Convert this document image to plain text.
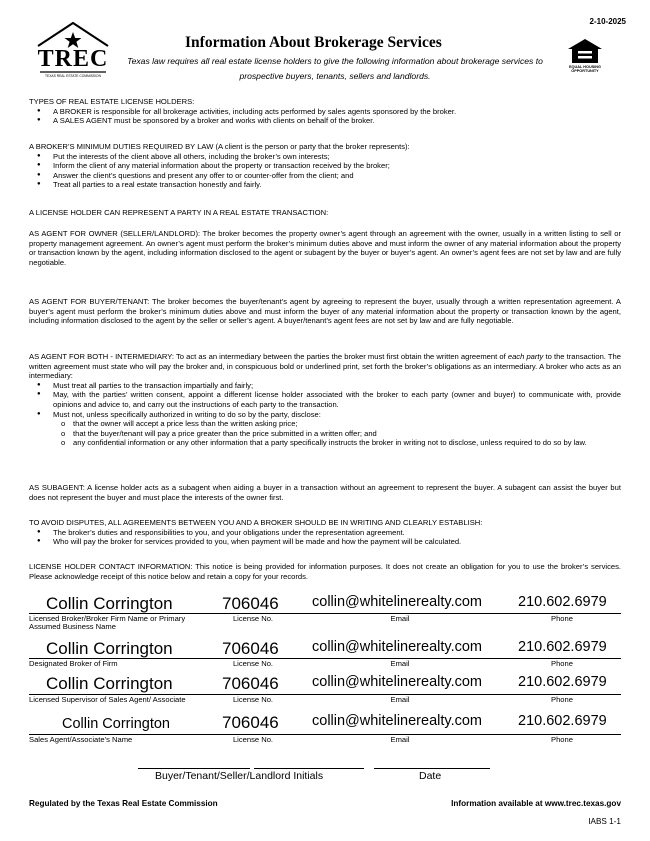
TREC
TEXAS REAL ESTATE COMMISSION
2-10-2025
Information About Brokerage Services
Texas law requires all real estate license holders to give the following information about brokerage services to prospective buyers, tenants, sellers and landlords.
EQUAL HOUSING OPPORTUNITY
TYPES OF REAL ESTATE LICENSE HOLDERS:
● A BROKER is responsible for all brokerage activities, including acts performed by sales agents sponsored by the broker.
● A SALES AGENT must be sponsored by a broker and works with clients on behalf of the broker.
A BROKER’S MINIMUM DUTIES REQUIRED BY LAW (A client is the person or party that the broker represents):
● Put the interests of the client above all others, including the broker’s own interests;
● Inform the client of any material information about the property or transaction received by the broker;
● Answer the client’s questions and present any offer to or counter-offer from the client; and
● Treat all parties to a real estate transaction honestly and fairly.
A LICENSE HOLDER CAN REPRESENT A PARTY IN A REAL ESTATE TRANSACTION:
AS AGENT FOR OWNER (SELLER/LANDLORD): The broker becomes the property owner’s agent through an agreement with the owner, usually in a written listing to sell or property management agreement. An owner’s agent must perform the broker’s minimum duties above and must inform the owner of any material information about the property or transaction known by the agent, including information disclosed to the agent or subagent by the buyer or buyer’s agent. An owner’s agent fees are not set by law and are fully negotiable.
AS AGENT FOR BUYER/TENANT: The broker becomes the buyer/tenant’s agent by agreeing to represent the buyer, usually through a written representation agreement. A buyer’s agent must perform the broker’s minimum duties above and must inform the buyer of any material information about the property or transaction known by the agent, including information disclosed to the agent by the seller or seller’s agent. A buyer/tenant’s agent fees are not set by law and are fully negotiable.
AS AGENT FOR BOTH - INTERMEDIARY: To act as an intermediary between the parties the broker must first obtain the written agreement of each party to the transaction. The written agreement must state who will pay the broker and, in conspicuous bold or underlined print, set forth the broker’s obligations as an intermediary. A broker who acts as an intermediary:
● Must treat all parties to the transaction impartially and fairly;
● May, with the parties’ written consent, appoint a different license holder associated with the broker to each party (owner and buyer) to communicate with, provide opinions and advice to, and carry out the instructions of each party to the transaction.
● Must not, unless specifically authorized in writing to do so by the party, disclose:
o that the owner will accept a price less than the written asking price;
o that the buyer/tenant will pay a price greater than the price submitted in a written offer; and
o any confidential information or any other information that a party specifically instructs the broker in writing not to disclose, unless required to do so by law.
AS SUBAGENT: A license holder acts as a subagent when aiding a buyer in a transaction without an agreement to represent the buyer. A subagent can assist the buyer but does not represent the buyer and must place the interests of the owner first.
TO AVOID DISPUTES, ALL AGREEMENTS BETWEEN YOU AND A BROKER SHOULD BE IN WRITING AND CLEARLY ESTABLISH:
● The broker’s duties and responsibilities to you, and your obligations under the representation agreement.
● Who will pay the broker for services provided to you, when payment will be made and how the payment will be calculated.
LICENSE HOLDER CONTACT INFORMATION: This notice is being provided for information purposes. It does not create an obligation for you to use the broker’s services. Please acknowledge receipt of this notice below and retain a copy for your records.
Collin Corrington	706046 collin@whitelinerealty.com 210.602.6979
Licensed Broker/Broker Firm Name or Primary Assumed Business Name
License No.	Email	Phone
Collin Corrington	706046 collin@whitelinerealty.com 210.602.6979
Designated Broker of Firm	License No.	Email	Phone
Collin Corrington	706046 collin@whitelinerealty.com 210.602.6979
Licensed Supervisor of Sales Agent/ Associate	License No.	Email	Phone
Collin Corrington	706046 collin@whitelinerealty.com 210.602.6979
Sales Agent/Associate’s Name	License No.	Email	Phone
Buyer/Tenant/Seller/Landlord Initials	Date
Regulated by the Texas Real Estate Commission	Information available at www.trec.texas.gov
IABS 1-1
